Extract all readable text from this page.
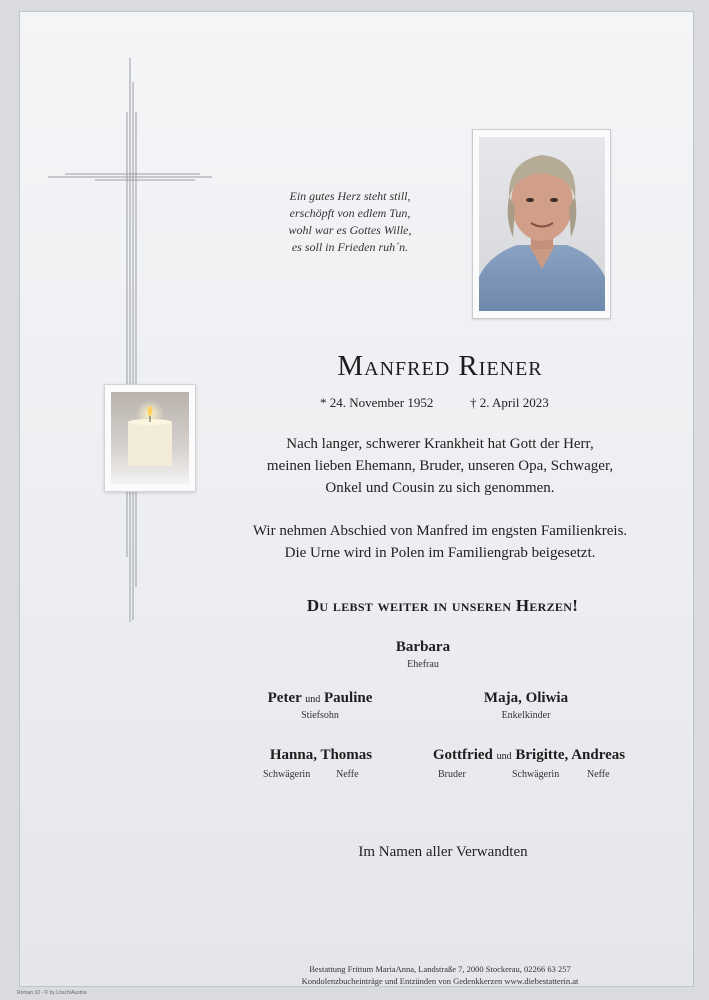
Ein gutes Herz steht still,
erschöpft von edlem Tun,
wohl war es Gottes Wille,
es soll in Frieden ruh´n.
Manfred Riener
* 24. November 1952	† 2. April 2023
Nach langer, schwerer Krankheit hat Gott der Herr,
meinen lieben Ehemann, Bruder, unseren Opa, Schwager,
Onkel und Cousin zu sich genommen.
Wir nehmen Abschied von Manfred im engsten Familienkreis.
Die Urne wird in Polen im Familiengrab beigesetzt.
Du lebst weiter in unseren Herzen!
Barbara
Ehefrau
Peter und Pauline
Stiefsohn
Maja, Oliwia
Enkelkinder
Hanna, Thomas
Schwägerin	Neffe
Gottfried und Brigitte, Andreas
Bruder	Schwägerin	Neffe
Im Namen aller Verwandten
Bestattung Frittum MariaAnna, Landstraße 7, 2000 Stockerau, 02266 63 257
Kondolenzbucheinträge und Entzünden von Gedenkkerzen www.diebestatterin.at
Roman 10 - © by Lösch/Austria
